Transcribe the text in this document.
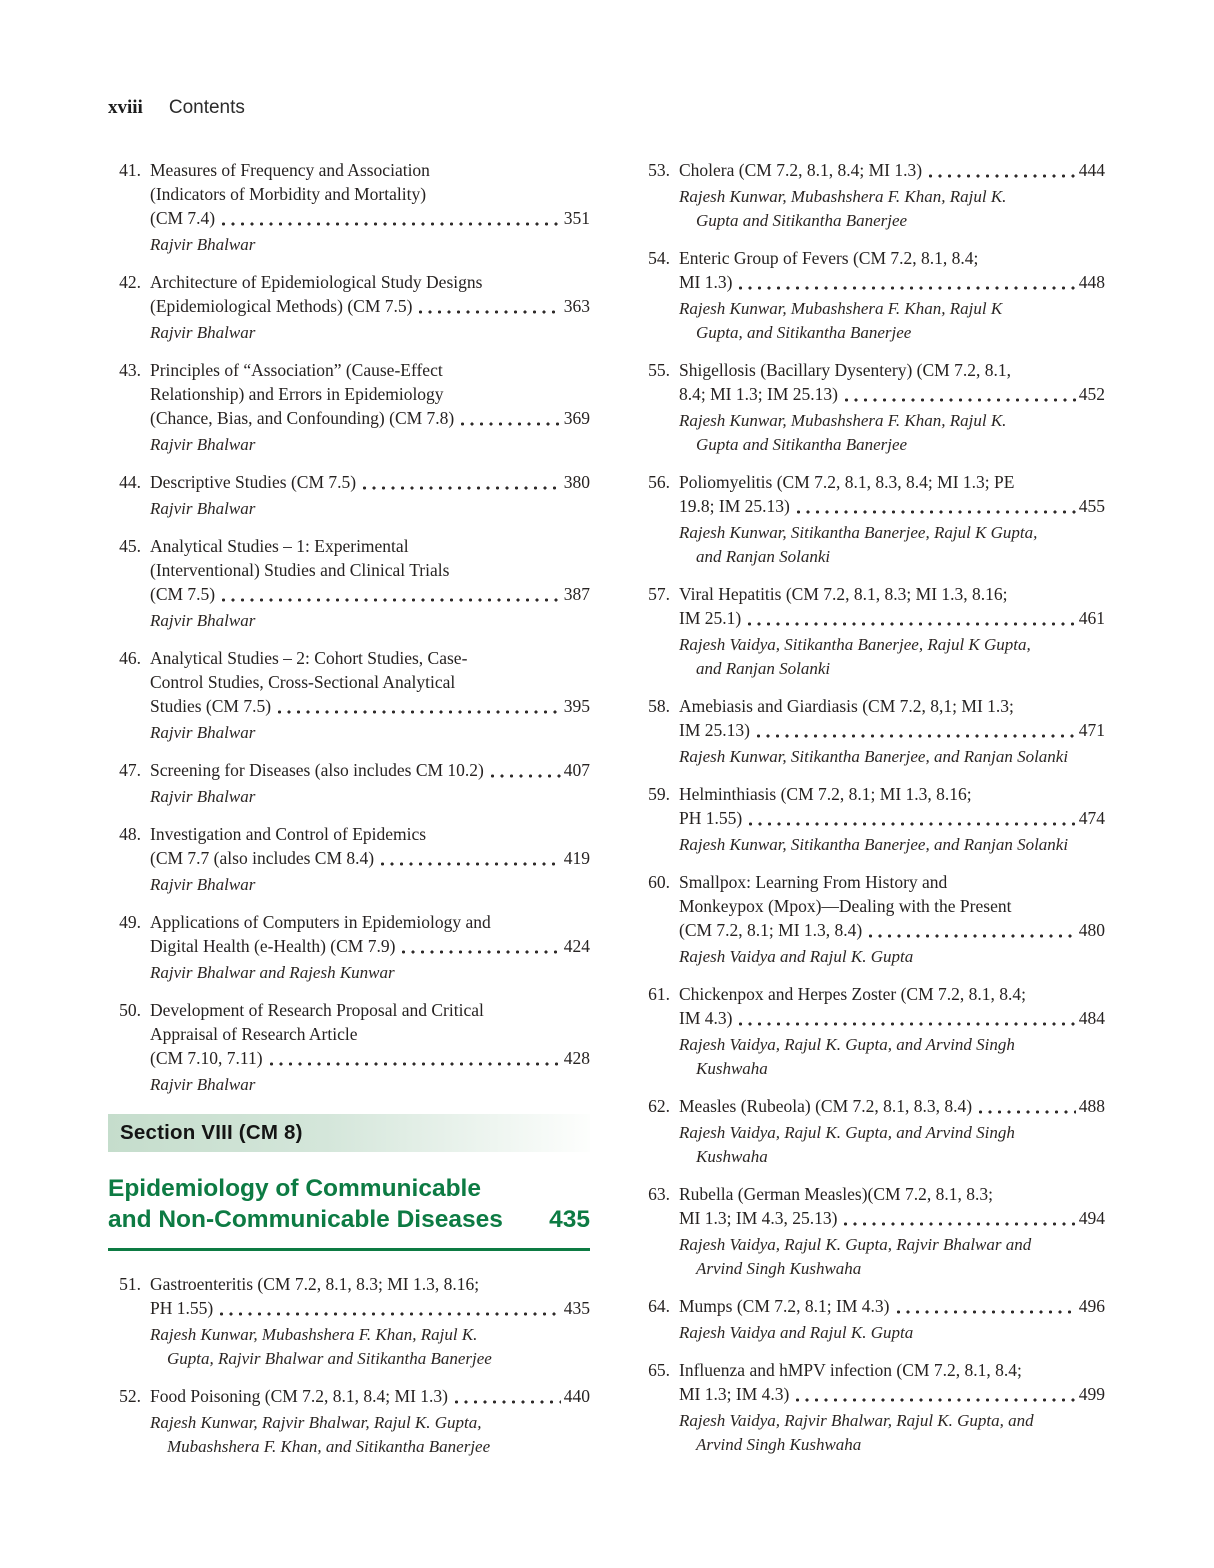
xviii Contents
41. Measures of Frequency and Association
(Indicators of Morbidity and Mortality)
(CM 7.4)	351
Rajvir Bhalwar
42. Architecture of Epidemiological Study Designs
(Epidemiological Methods) (CM 7.5)	363
Rajvir Bhalwar
43. Principles of “Association” (Cause-Effect
Relationship) and Errors in Epidemiology
(Chance, Bias, and Confounding) (CM 7.8)	369
Rajvir Bhalwar
44. Descriptive Studies (CM 7.5)	380
Rajvir Bhalwar
45. Analytical Studies – 1: Experimental
(Interventional) Studies and Clinical Trials
(CM 7.5)	387
Rajvir Bhalwar
46. Analytical Studies – 2: Cohort Studies, Case-
Control Studies, Cross-Sectional Analytical
Studies (CM 7.5)	395
Rajvir Bhalwar
47. Screening for Diseases (also includes CM 10.2)	407
Rajvir Bhalwar
48. Investigation and Control of Epidemics
(CM 7.7 (also includes CM 8.4)	419
Rajvir Bhalwar
49. Applications of Computers in Epidemiology and
Digital Health (e-Health) (CM 7.9)	424
Rajvir Bhalwar and Rajesh Kunwar
50. Development of Research Proposal and Critical
Appraisal of Research Article
(CM 7.10, 7.11)	428
Rajvir Bhalwar
Section VIII (CM 8)
Epidemiology of Communicable
and Non-Communicable Diseases 435
51. Gastroenteritis (CM 7.2, 8.1, 8.3; MI 1.3, 8.16;
PH 1.55)	435
Rajesh Kunwar, Mubashshera F. Khan, Rajul K.
Gupta, Rajvir Bhalwar and Sitikantha Banerjee
52. Food Poisoning (CM 7.2, 8.1, 8.4; MI 1.3)	440
Rajesh Kunwar, Rajvir Bhalwar, Rajul K. Gupta,
Mubashshera F. Khan, and Sitikantha Banerjee
53. Cholera (CM 7.2, 8.1, 8.4; MI 1.3)	444
Rajesh Kunwar, Mubashshera F. Khan, Rajul K.
Gupta and Sitikantha Banerjee
54. Enteric Group of Fevers (CM 7.2, 8.1, 8.4;
MI 1.3)	448
Rajesh Kunwar, Mubashshera F. Khan, Rajul K
Gupta, and Sitikantha Banerjee
55. Shigellosis (Bacillary Dysentery) (CM 7.2, 8.1,
8.4; MI 1.3; IM 25.13)	452
Rajesh Kunwar, Mubashshera F. Khan, Rajul K.
Gupta and Sitikantha Banerjee
56. Poliomyelitis (CM 7.2, 8.1, 8.3, 8.4; MI 1.3; PE
19.8; IM 25.13)	455
Rajesh Kunwar, Sitikantha Banerjee, Rajul K Gupta,
and Ranjan Solanki
57. Viral Hepatitis (CM 7.2, 8.1, 8.3; MI 1.3, 8.16;
IM 25.1)	461
Rajesh Vaidya, Sitikantha Banerjee, Rajul K Gupta,
and Ranjan Solanki
58. Amebiasis and Giardiasis (CM 7.2, 8,1; MI 1.3;
IM 25.13)	471
Rajesh Kunwar, Sitikantha Banerjee, and Ranjan Solanki
59. Helminthiasis (CM 7.2, 8.1; MI 1.3, 8.16;
PH 1.55)	474
Rajesh Kunwar, Sitikantha Banerjee, and Ranjan Solanki
60. Smallpox: Learning From History and
Monkeypox (Mpox)—Dealing with the Present
(CM 7.2, 8.1; MI 1.3, 8.4)	480
Rajesh Vaidya and Rajul K. Gupta
61. Chickenpox and Herpes Zoster (CM 7.2, 8.1, 8.4;
IM 4.3)	484
Rajesh Vaidya, Rajul K. Gupta, and Arvind Singh
Kushwaha
62. Measles (Rubeola) (CM 7.2, 8.1, 8.3, 8.4)	488
Rajesh Vaidya, Rajul K. Gupta, and Arvind Singh
Kushwaha
63. Rubella (German Measles)(CM 7.2, 8.1, 8.3;
MI 1.3; IM 4.3, 25.13)	494
Rajesh Vaidya, Rajul K. Gupta, Rajvir Bhalwar and
Arvind Singh Kushwaha
64. Mumps (CM 7.2, 8.1; IM 4.3)	496
Rajesh Vaidya and Rajul K. Gupta
65. Influenza and hMPV infection (CM 7.2, 8.1, 8.4;
MI 1.3; IM 4.3)	499
Rajesh Vaidya, Rajvir Bhalwar, Rajul K. Gupta, and
Arvind Singh Kushwaha
